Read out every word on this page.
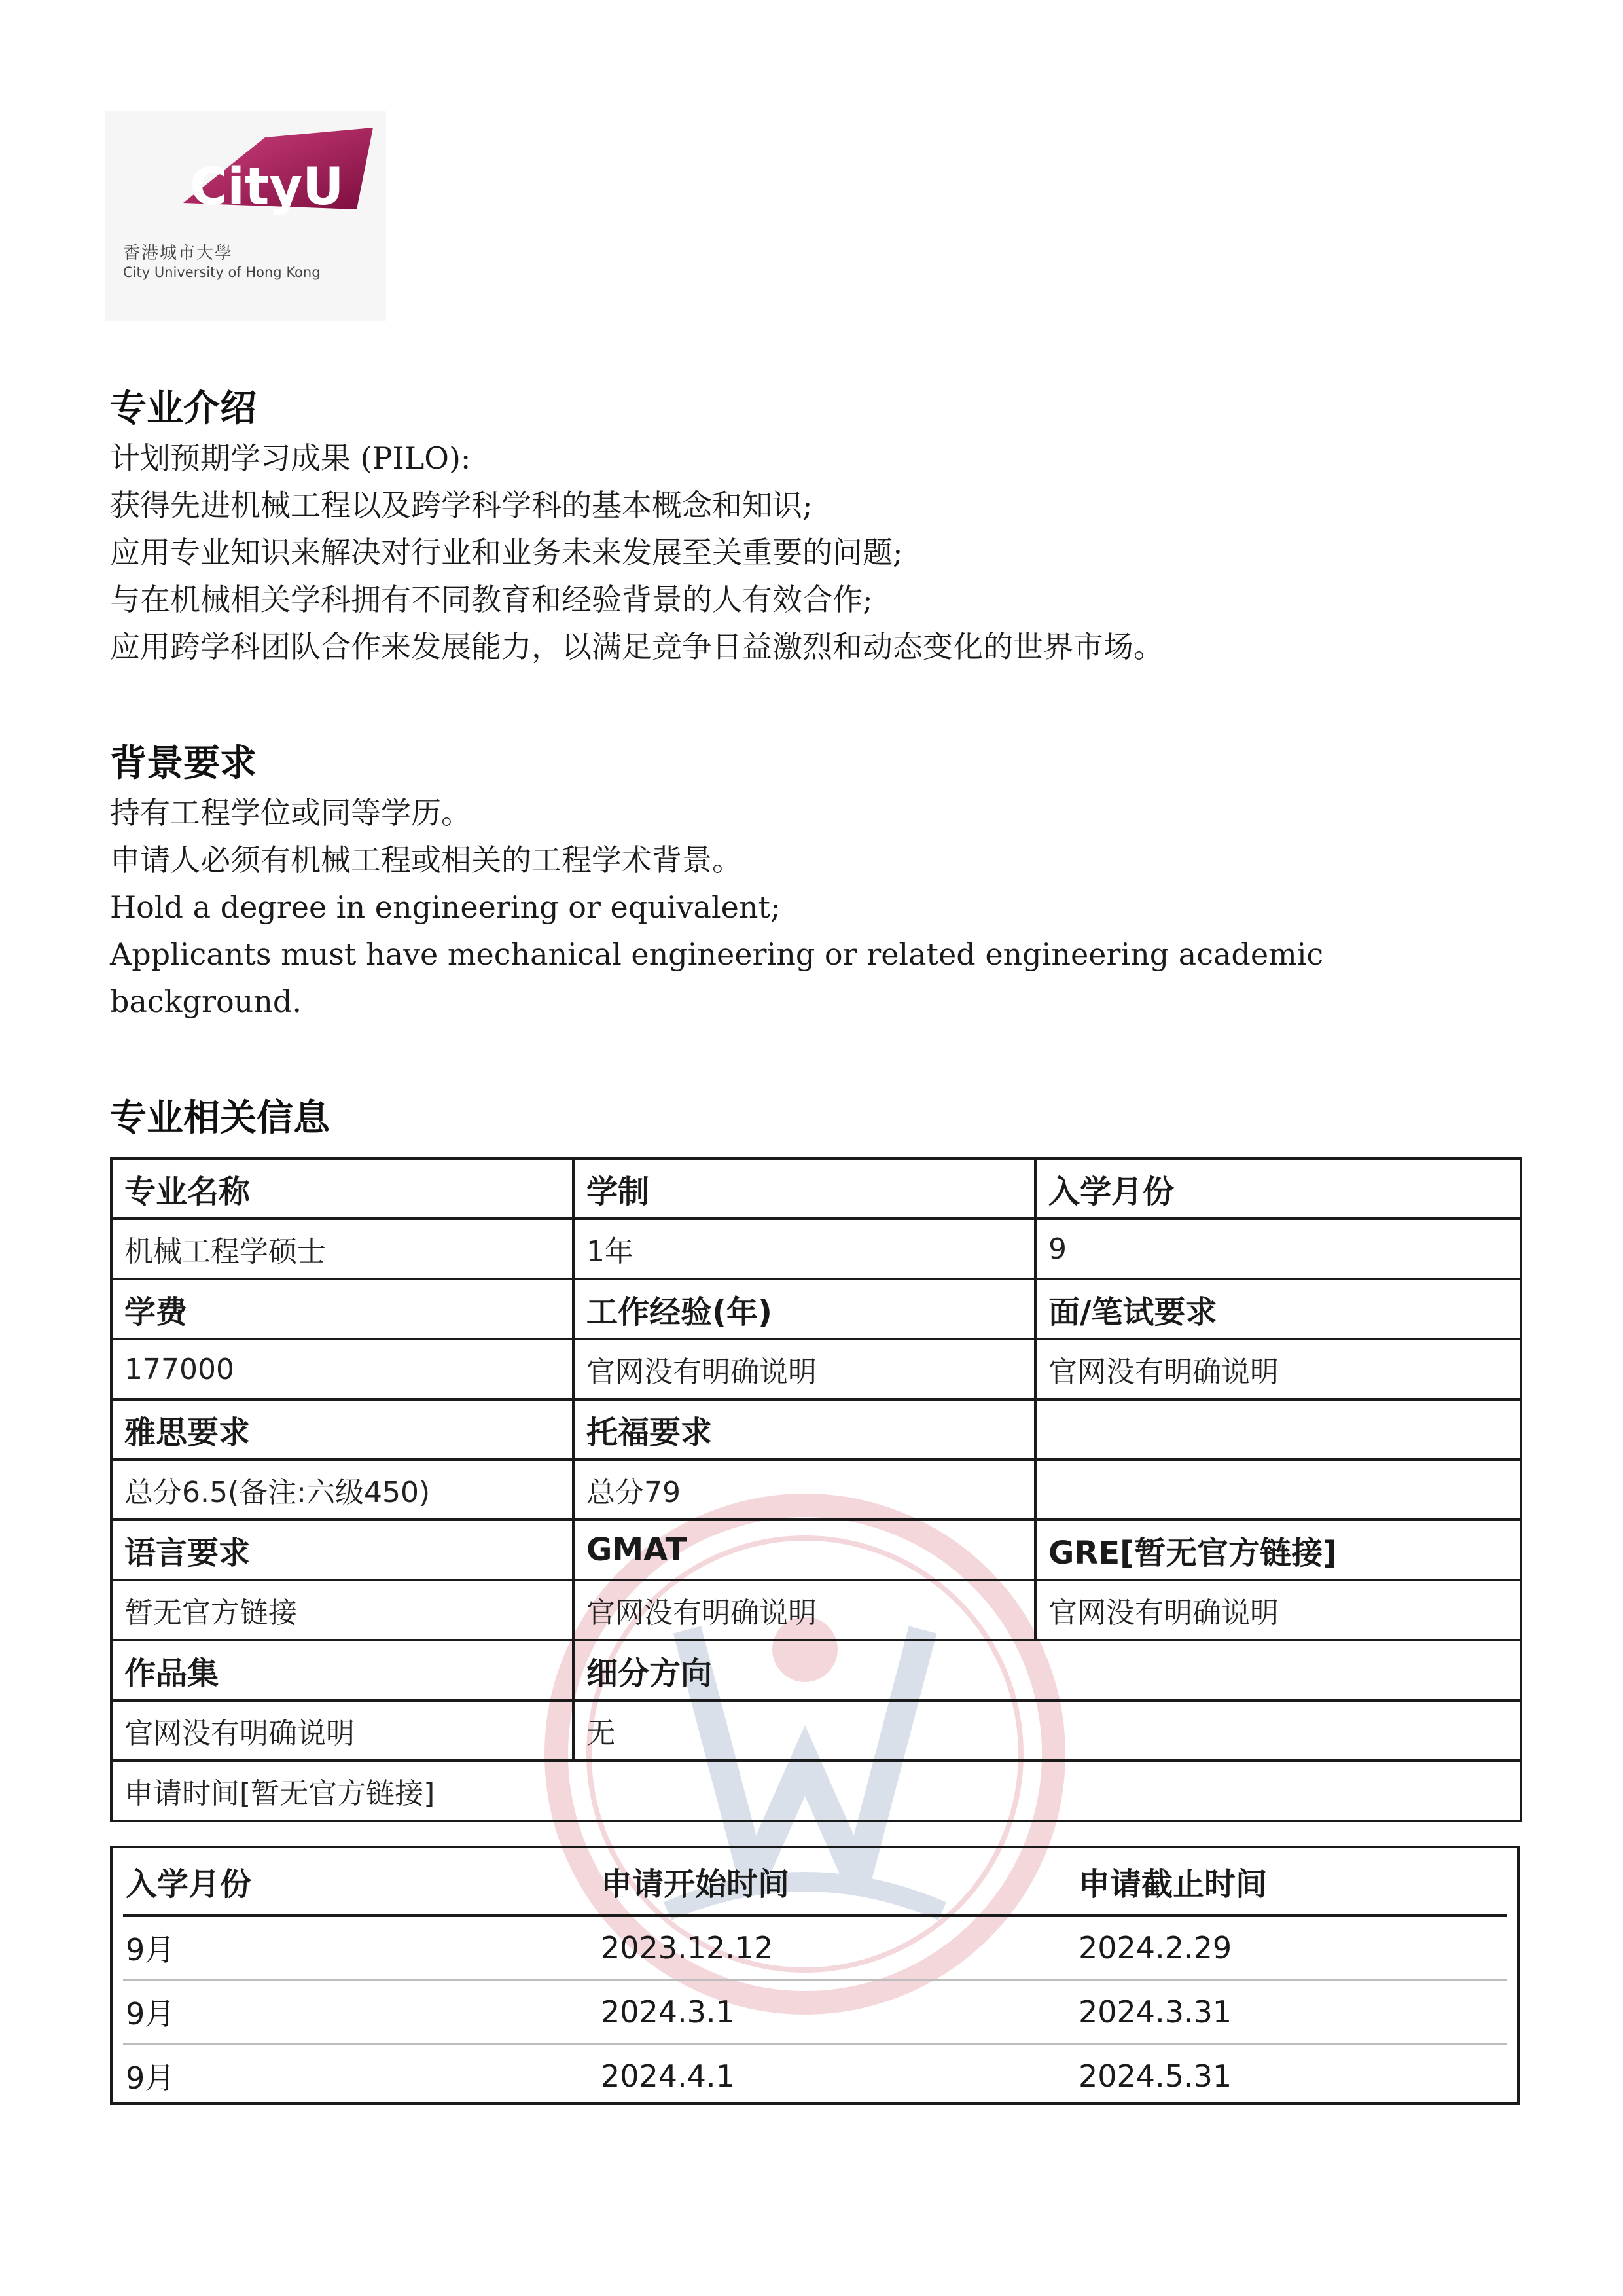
CityU
香港城市大學
City University of Hong Kong
专业介绍
计划预期学习成果 (PILO):
获得先进机械工程以及跨学科学科的基本概念和知识;
应用专业知识来解决对行业和业务未来发展至关重要的问题;
与在机械相关学科拥有不同教育和经验背景的人有效合作;
应用跨学科团队合作来发展能力，以满足竞争日益激烈和动态变化的世界市场。
背景要求
持有工程学位或同等学历。
申请人必须有机械工程或相关的工程学术背景。
Hold a degree in engineering or equivalent;
Applicants must have mechanical engineering or related engineering academic background.
专业相关信息
专业名称	学制	入学月份
机械工程学硕士	1年	9
学费	工作经验(年)	面/笔试要求
177000	官网没有明确说明	官网没有明确说明
雅思要求	托福要求	
总分6.5(备注:六级450)	总分79	
语言要求	GMAT	GRE[暂无官方链接]
暂无官方链接	官网没有明确说明	官网没有明确说明
作品集	细分方向	
官网没有明确说明	无	
申请时间[暂无官方链接]		
入学月份	申请开始时间	申请截止时间
9月	2023.12.12	2024.2.29
9月	2024.3.1	2024.3.31
9月	2024.4.1	2024.5.31
